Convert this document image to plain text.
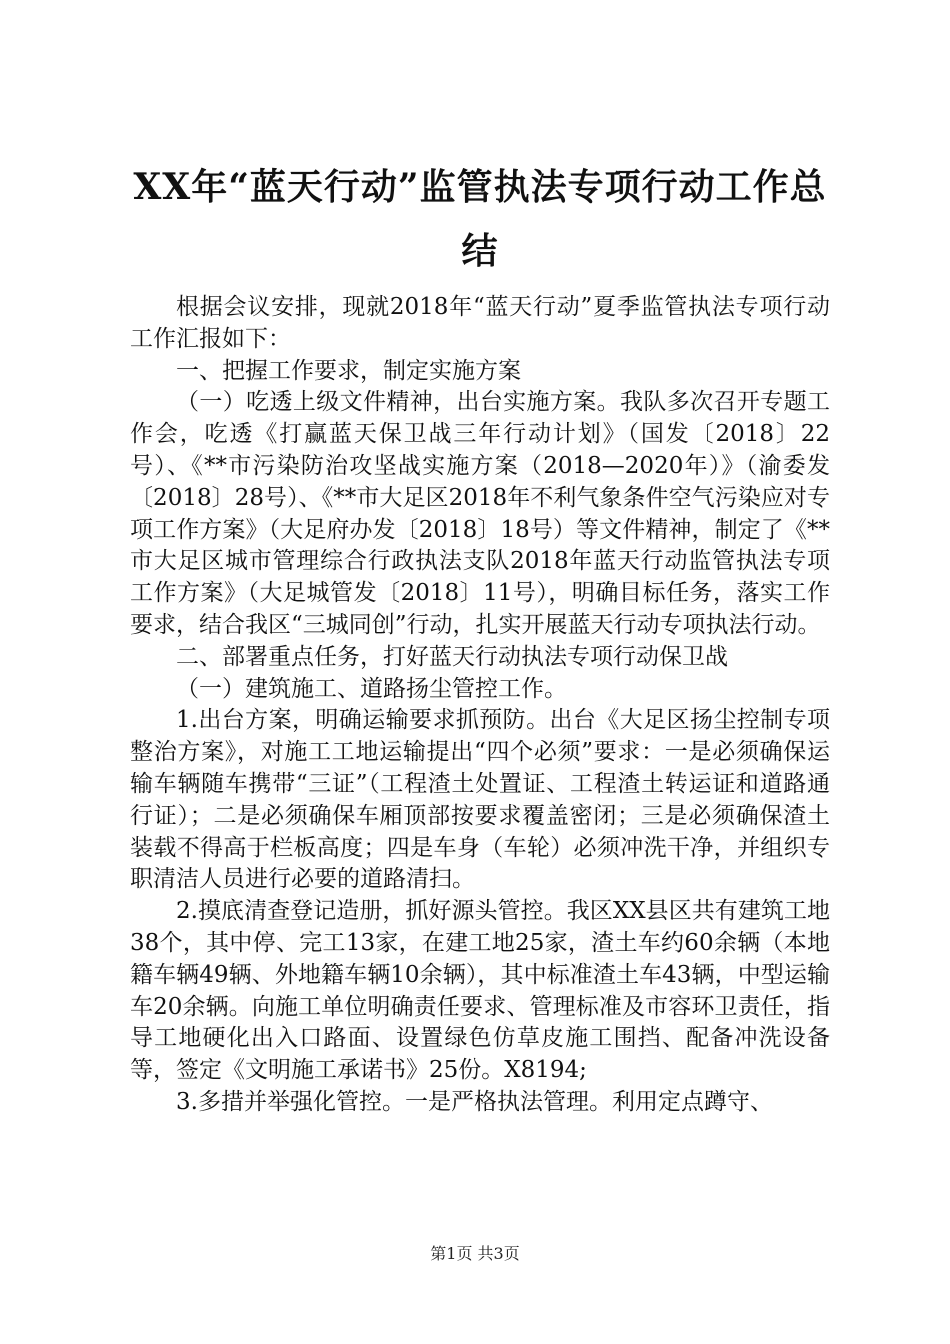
XX年“蓝天行动”监管执法专项行动工作总结

根据会议安排，现就2018年“蓝天行动”夏季监管执法专项行动工作汇报如下：

一、把握工作要求，制定实施方案

（一）吃透上级文件精神，出台实施方案。我队多次召开专题工作会，吃透《打赢蓝天保卫战三年行动计划》（国发〔2018〕22号）、《**市污染防治攻坚战实施方案（2018—2020年）》（渝委发〔2018〕28号）、《**市大足区2018年不利气象条件空气污染应对专项工作方案》（大足府办发〔2018〕18号）等文件精神，制定了《**市大足区城市管理综合行政执法支队2018年蓝天行动监管执法专项工作方案》（大足城管发〔2018〕11号），明确目标任务，落实工作要求，结合我区“三城同创”行动，扎实开展蓝天行动专项执法行动。

二、部署重点任务，打好蓝天行动执法专项行动保卫战

（一）建筑施工、道路扬尘管控工作。

1.出台方案，明确运输要求抓预防。出台《大足区扬尘控制专项整治方案》，对施工工地运输提出“四个必须”要求：一是必须确保运输车辆随车携带“三证”（工程渣土处置证、工程渣土转运证和道路通行证）；二是必须确保车厢顶部按要求覆盖密闭；三是必须确保渣土装载不得高于栏板高度；四是车身（车轮）必须冲洗干净，并组织专职清洁人员进行必要的道路清扫。

2.摸底清查登记造册，抓好源头管控。我区XX县区共有建筑工地38个，其中停、完工13家，在建工地25家，渣土车约60余辆（本地籍车辆49辆、外地籍车辆10余辆），其中标准渣土车43辆，中型运输车20余辆。向施工单位明确责任要求、管理标准及市容环卫责任，指导工地硬化出入口路面、设置绿色仿草皮施工围挡、配备冲洗设备等，签定《文明施工承诺书》25份。X8194;

3.多措并举强化管控。一是严格执法管理。利用定点蹲守、

第1页 共3页
